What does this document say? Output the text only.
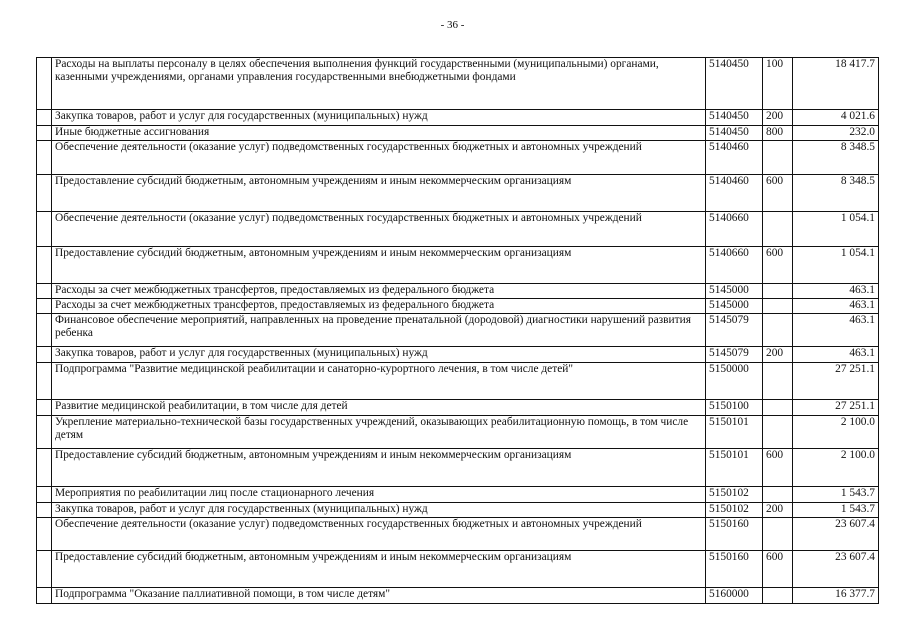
- 36 -
	Расходы на выплаты персоналу в целях обеспечения выполнения функций государственными (муниципальными) органами, казенными учреждениями, органами управления государственными внебюджетными фондами	5140450	100	18 417.7
	Закупка товаров, работ и услуг для государственных (муниципальных) нужд	5140450	200	4 021.6
	Иные бюджетные ассигнования	5140450	800	232.0
	Обеспечение деятельности (оказание услуг) подведомственных государственных бюджетных и автономных учреждений	5140460		8 348.5
	Предоставление субсидий бюджетным, автономным учреждениям и иным некоммерческим организациям	5140460	600	8 348.5
	Обеспечение деятельности (оказание услуг) подведомственных государственных бюджетных и автономных учреждений	5140660		1 054.1
	Предоставление субсидий бюджетным, автономным учреждениям и иным некоммерческим организациям	5140660	600	1 054.1
	Расходы за счет межбюджетных трансфертов, предоставляемых из федерального бюджета	5145000		463.1
	Расходы за счет межбюджетных трансфертов, предоставляемых из федерального бюджета	5145000		463.1
	Финансовое обеспечение мероприятий, направленных на проведение пренатальной (дородовой) диагностики нарушений развития ребенка	5145079		463.1
	Закупка товаров, работ и услуг для государственных (муниципальных) нужд	5145079	200	463.1
	Подпрограмма "Развитие медицинской реабилитации и санаторно-курортного лечения, в том числе детей"	5150000		27 251.1
	Развитие медицинской реабилитации, в том числе для детей	5150100		27 251.1
	Укрепление материально-технической базы государственных учреждений, оказывающих реабилитационную помощь, в том числе детям	5150101		2 100.0
	Предоставление субсидий бюджетным, автономным учреждениям и иным некоммерческим организациям	5150101	600	2 100.0
	Мероприятия по реабилитации лиц после стационарного лечения	5150102		1 543.7
	Закупка товаров, работ и услуг для государственных (муниципальных) нужд	5150102	200	1 543.7
	Обеспечение деятельности (оказание услуг) подведомственных государственных бюджетных и автономных учреждений	5150160		23 607.4
	Предоставление субсидий бюджетным, автономным учреждениям и иным некоммерческим организациям	5150160	600	23 607.4
	Подпрограмма "Оказание паллиативной помощи, в том числе детям"	5160000		16 377.7
